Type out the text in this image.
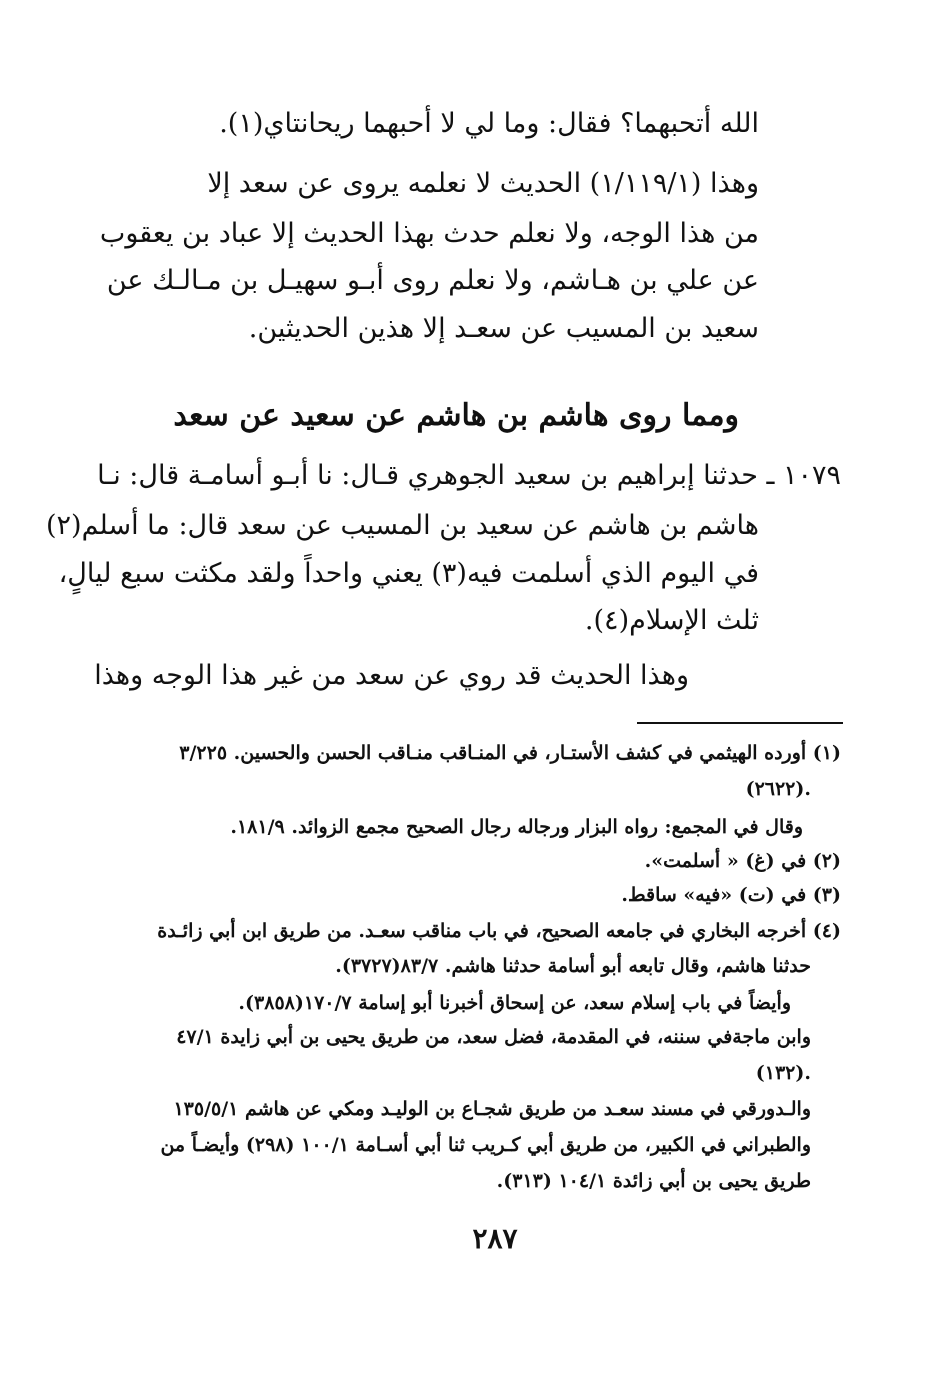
الله أتحبهما؟ فقال: وما لي لا أحبهما ريحانتاي(١).
وهذا (١/١١٩/١) الحديث لا نعلمه يروى عن سعد إلا
من هذا الوجه، ولا نعلم حدث بهذا الحديث إلا عباد بن يعقوب
عن علي بن هـاشم، ولا نعلم روى أبـو سهيـل بن مـالـك عن
سعيد بن المسيب عن سعـد إلا هذين الحديثين.
ومما روى هاشم بن هاشم عن سعيد عن سعد
١٠٧٩ ـ حدثنا إبراهيم بن سعيد الجوهري قـال: نا أبـو أسامـة قال: نـا
هاشم بن هاشم عن سعيد بن المسيب عن سعد قال: ما أسلم(٢)
في اليوم الذي أسلمت فيه(٣) يعني واحداً ولقد مكثت سبع ليالٍ،
ثلث الإسلام(٤).
وهذا الحديث قد روي عن سعد من غير هذا الوجه وهذا
(١) أورده الهيثمي في كشف الأستـار، في المنـاقب منـاقب الحسن والحسين. ٣/٢٢٥
(٢٦٢٢).
وقال في المجمع: رواه البزار ورجاله رجال الصحيح مجمع الزوائد. ١٨١/٩.
(٢) في (غ) « أسلمت».
(٣) في (ت) «فيه» ساقط.
(٤) أخرجه البخاري في جامعه الصحيح، في باب مناقب سعـد. من طريق ابن أبي زائـدة
حدثنا هاشم، وقال تابعه أبو أسامة حدثنا هاشم. ٨٣/٧(٣٧٢٧).
وأيضاً في باب إسلام سعد، عن إسحاق أخبرنا أبو إسامة ١٧٠/٧(٣٨٥٨).
وابن ماجةفي سننه، في المقدمة، فضل سعد، من طريق يحيى بن أبي زايدة ٤٧/١
(١٣٢).
والـدورقي في مسند سعـد من طريق شجـاع بن الوليـد ومكي عن هاشم ١٣٥/٥/١
والطبراني في الكبير، من طريق أبي كـريب ثنا أبي أسـامة ١٠٠/١ (٢٩٨) وأيضـاً من
طريق يحيى بن أبي زائدة ١٠٤/١ (٣١٣).
٢٨٧
